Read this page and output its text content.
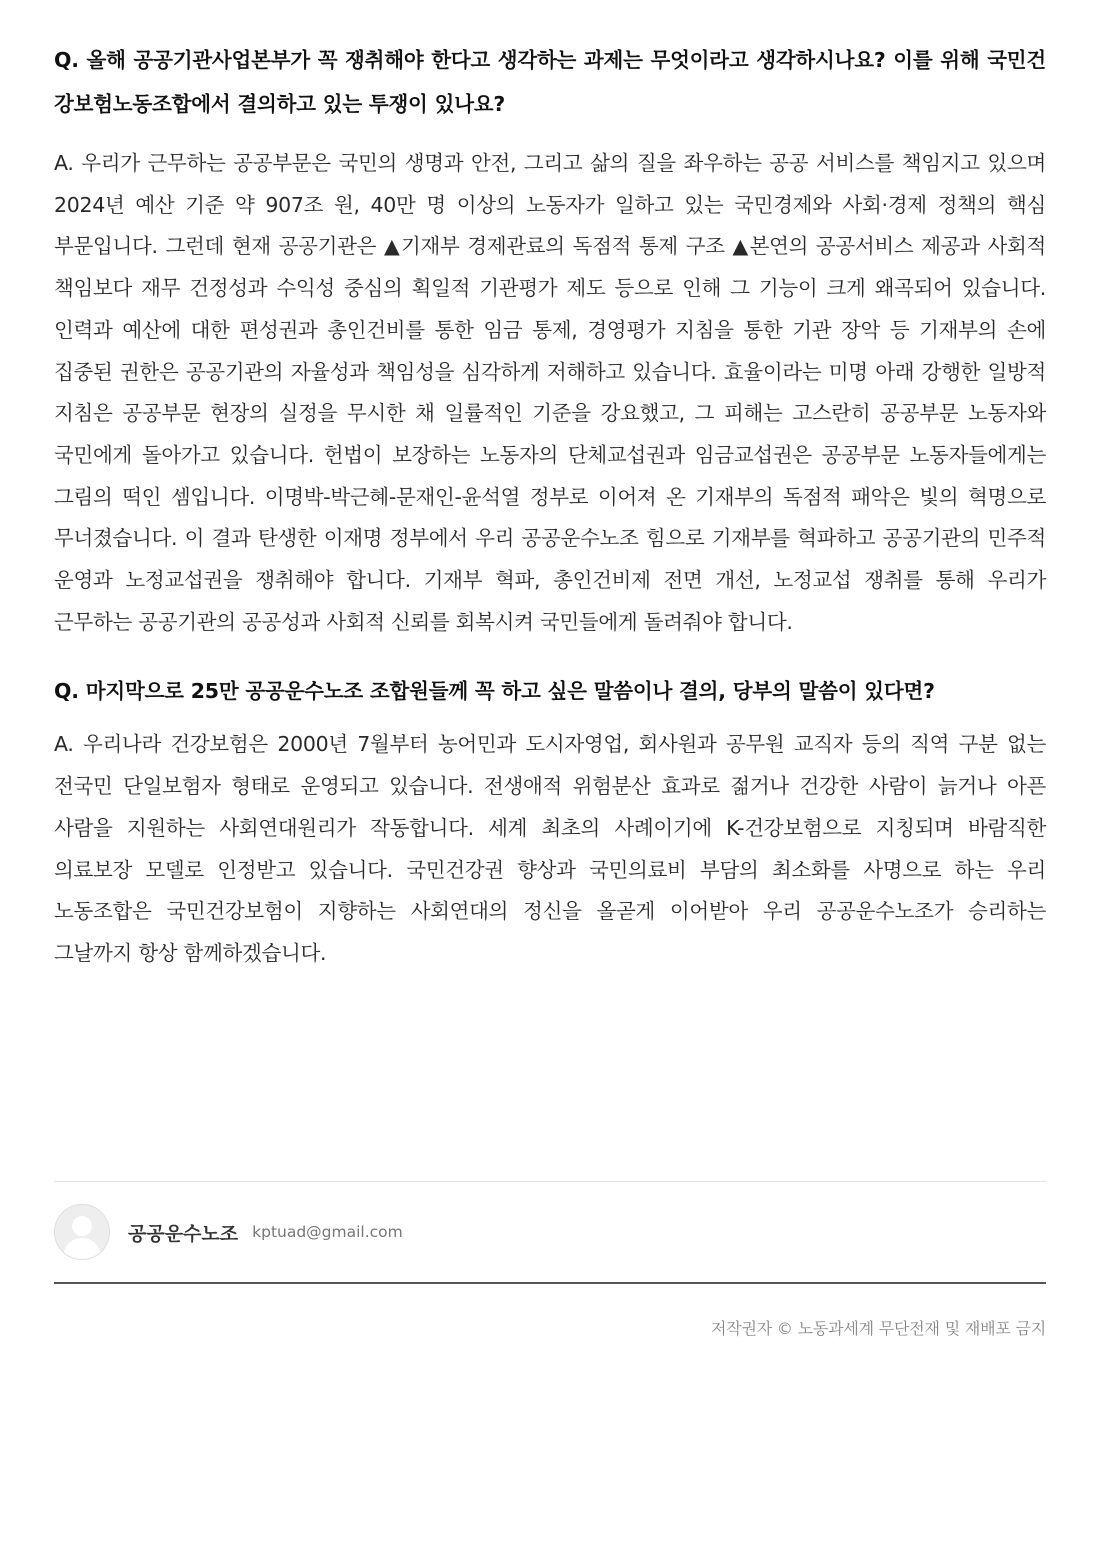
Q. 올해 공공기관사업본부가 꼭 쟁취해야 한다고 생각하는 과제는 무엇이라고 생각하시나요? 이를 위해 국민건강보험노동조합에서 결의하고 있는 투쟁이 있나요?

A. 우리가 근무하는 공공부문은 국민의 생명과 안전, 그리고 삶의 질을 좌우하는 공공 서비스를 책임지고 있으며 2024년 예산 기준 약 907조 원, 40만 명 이상의 노동자가 일하고 있는 국민경제와 사회·경제 정책의 핵심 부문입니다. 그런데 현재 공공기관은 ▲기재부 경제관료의 독점적 통제 구조 ▲본연의 공공서비스 제공과 사회적 책임보다 재무 건정성과 수익성 중심의 획일적 기관평가 제도 등으로 인해 그 기능이 크게 왜곡되어 있습니다. 인력과 예산에 대한 편성권과 총인건비를 통한 임금 통제, 경영평가 지침을 통한 기관 장악 등 기재부의 손에 집중된 권한은 공공기관의 자율성과 책임성을 심각하게 저해하고 있습니다. 효율이라는 미명 아래 강행한 일방적 지침은 공공부문 현장의 실정을 무시한 채 일률적인 기준을 강요했고, 그 피해는 고스란히 공공부문 노동자와 국민에게 돌아가고 있습니다. 헌법이 보장하는 노동자의 단체교섭권과 임금교섭권은 공공부문 노동자들에게는 그림의 떡인 셈입니다. 이명박-박근혜-문재인-윤석열 정부로 이어져 온 기재부의 독점적 패악은 빛의 혁명으로 무너졌습니다. 이 결과 탄생한 이재명 정부에서 우리 공공운수노조 힘으로 기재부를 혁파하고 공공기관의 민주적 운영과 노정교섭권을 쟁취해야 합니다. 기재부 혁파, 총인건비제 전면 개선, 노정교섭 쟁취를 통해 우리가 근무하는 공공기관의 공공성과 사회적 신뢰를 회복시켜 국민들에게 돌려줘야 합니다.

Q. 마지막으로 25만 공공운수노조 조합원들께 꼭 하고 싶은 말씀이나 결의, 당부의 말씀이 있다면?

A. 우리나라 건강보험은 2000년 7월부터 농어민과 도시자영업, 회사원과 공무원 교직자 등의 직역 구분 없는 전국민 단일보험자 형태로 운영되고 있습니다. 전생애적 위험분산 효과로 젊거나 건강한 사람이 늙거나 아픈 사람을 지원하는 사회연대원리가 작동합니다. 세계 최초의 사례이기에 K-건강보험으로 지칭되며 바람직한 의료보장 모델로 인정받고 있습니다. 국민건강권 향상과 국민의료비 부담의 최소화를 사명으로 하는 우리 노동조합은 국민건강보험이 지향하는 사회연대의 정신을 올곧게 이어받아 우리 공공운수노조가 승리하는 그날까지 항상 함께하겠습니다.

공공운수노조 kptuad@gmail.com
저작권자 © 노동과세계 무단전재 및 재배포 금지
